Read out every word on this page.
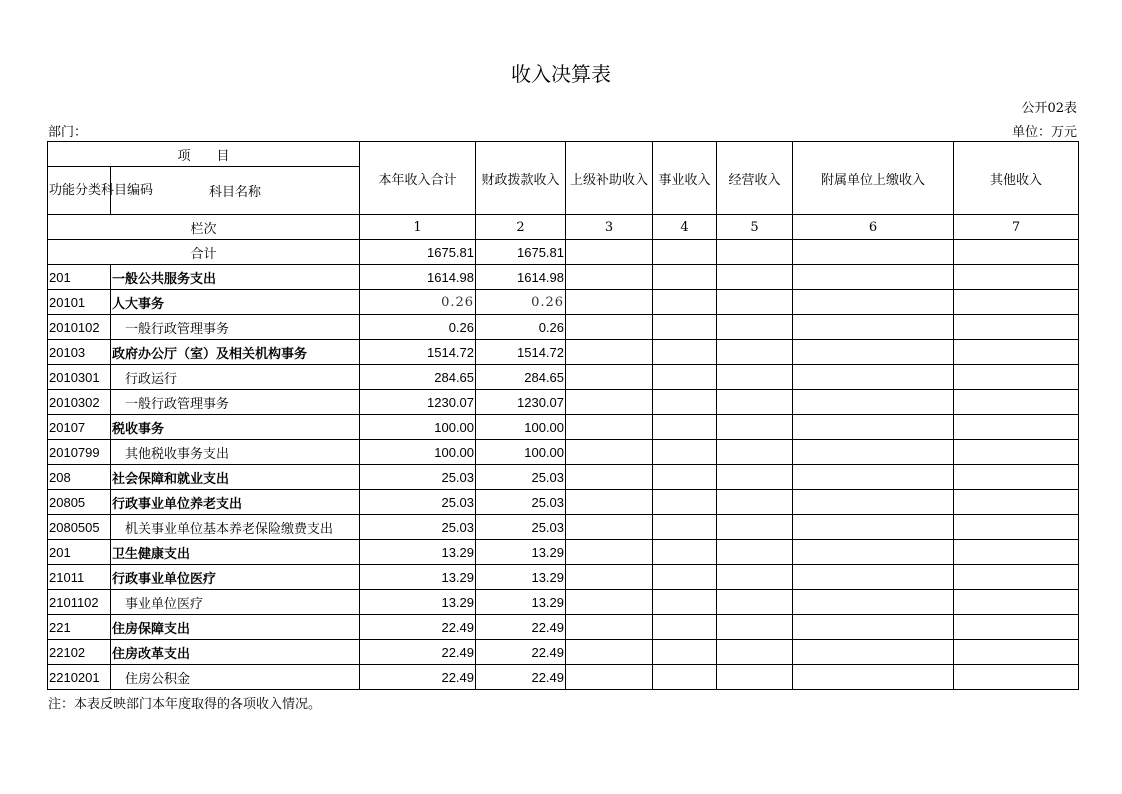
收入决算表
公开02表
部门：	单位：万元
项　　目		本年收入合计	财政拨款收入	上级补助收入	事业收入	经营收入	附属单位上缴收入	其他收入
功能分类科目编码	科目名称							
栏次		1	2	3	4	5	6	7
合计		1675.81	1675.81					
201	一般公共服务支出	1614.98	1614.98					
20101	人大事务	0.26	0.26					
2010102	一般行政管理事务	0.26	0.26					
20103	政府办公厅（室）及相关机构事务	1514.72	1514.72					
2010301	行政运行	284.65	284.65					
2010302	一般行政管理事务	1230.07	1230.07					
20107	税收事务	100.00	100.00					
2010799	其他税收事务支出	100.00	100.00					
208	社会保障和就业支出	25.03	25.03					
20805	行政事业单位养老支出	25.03	25.03					
2080505	机关事业单位基本养老保险缴费支出	25.03	25.03					
201	卫生健康支出	13.29	13.29					
21011	行政事业单位医疗	13.29	13.29					
2101102	事业单位医疗	13.29	13.29					
221	住房保障支出	22.49	22.49					
22102	住房改革支出	22.49	22.49					
2210201	住房公积金	22.49	22.49					
注：本表反映部门本年度取得的各项收入情况。
